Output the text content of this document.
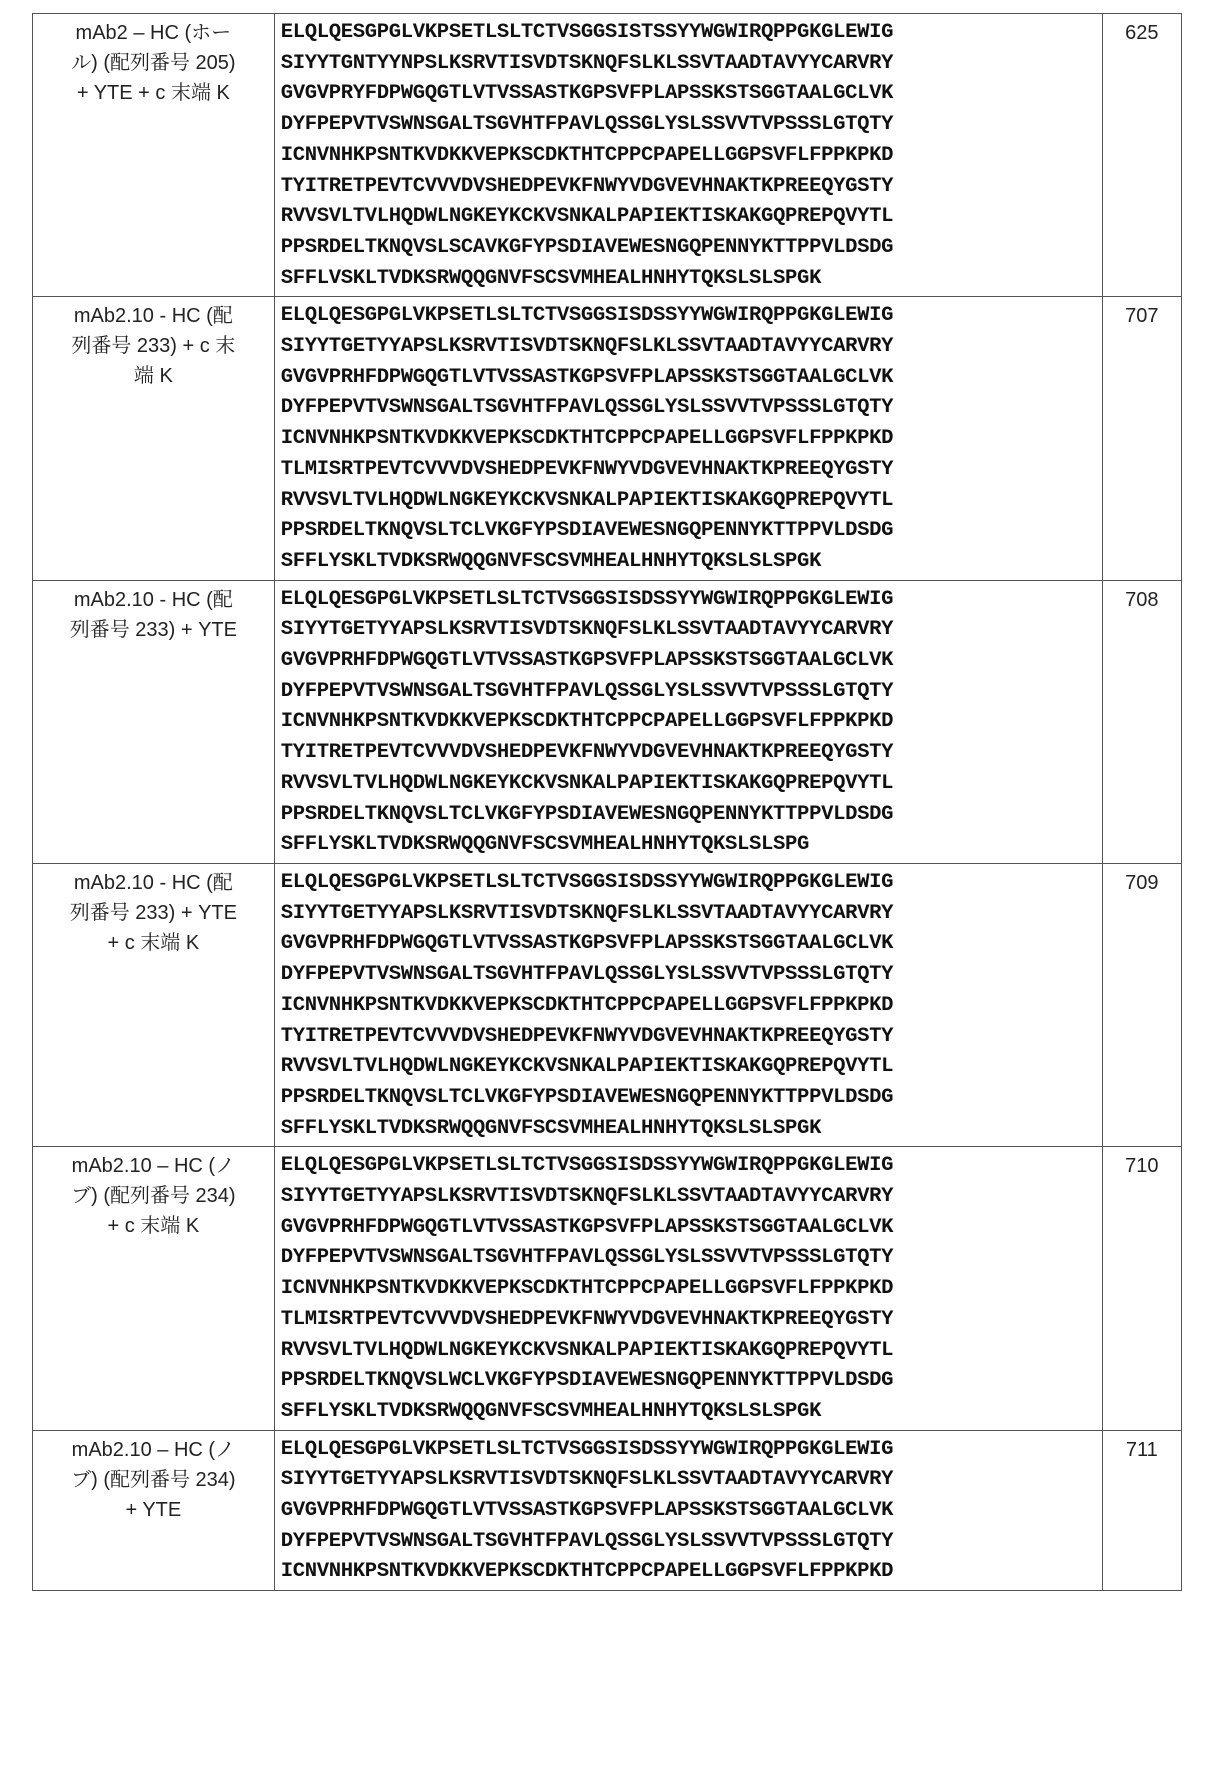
mAb2 – HC (ホー
ル) (配列番号 205)
+ YTE + c 末端 K

ELQLQESGPGLVKPSETLSLTCTVSGGSISTSSYYWGWIRQPPGKGLEWIG
SIYYTGNTYYNPSLKSRVTISVDTSKNQFSLKLSSVTAADTAVYYCARVRY
GVGVPRYFDPWGQGTLVTVSSASTKGPSVFPLAPSSKSTSGGTAALGCLVK
DYFPEPVTVSWNSGALTSGVHTFPAVLQSSGLYSLSSVVTVPSSSLGTQTY
ICNVNHKPSNTKVDKKVEPKSCDKTHTCPPCPAPELLGGPSVFLFPPKPKD
TYITRETPEVTCVVVDVSHEDPEVKFNWYVDGVEVHNAKTKPREEQYGSTY
RVVSVLTVLHQDWLNGKEYKCKVSNKALPAPIEKTISKAKGQPREPQVYTL
PPSRDELTKNQVSLSCAVKGFYPSDIAVEWESNGQPENNYKTTPPVLDSDG
SFFLVSKLTVDKSRWQQGNVFSCSVMHEALHNHYTQKSLSLSPGK
	625

mAb2.10 - HC (配
列番号 233) + c 末
端 K

ELQLQESGPGLVKPSETLSLTCTVSGGSISDSSYYWGWIRQPPGKGLEWIG
SIYYTGETYYAPSLKSRVTISVDTSKNQFSLKLSSVTAADTAVYYCARVRY
GVGVPRHFDPWGQGTLVTVSSASTKGPSVFPLAPSSKSTSGGTAALGCLVK
DYFPEPVTVSWNSGALTSGVHTFPAVLQSSGLYSLSSVVTVPSSSLGTQTY
ICNVNHKPSNTKVDKKVEPKSCDKTHTCPPCPAPELLGGPSVFLFPPKPKD
TLMISRTPEVTCVVVDVSHEDPEVKFNWYVDGVEVHNAKTKPREEQYGSTY
RVVSVLTVLHQDWLNGKEYKCKVSNKALPAPIEKTISKAKGQPREPQVYTL
PPSRDELTKNQVSLTCLVKGFYPSDIAVEWESNGQPENNYKTTPPVLDSDG
SFFLYSKLTVDKSRWQQGNVFSCSVMHEALHNHYTQKSLSLSPGK
	707

mAb2.10 - HC (配
列番号 233) + YTE

ELQLQESGPGLVKPSETLSLTCTVSGGSISDSSYYWGWIRQPPGKGLEWIG
SIYYTGETYYAPSLKSRVTISVDTSKNQFSLKLSSVTAADTAVYYCARVRY
GVGVPRHFDPWGQGTLVTVSSASTKGPSVFPLAPSSKSTSGGTAALGCLVK
DYFPEPVTVSWNSGALTSGVHTFPAVLQSSGLYSLSSVVTVPSSSLGTQTY
ICNVNHKPSNTKVDKKVEPKSCDKTHTCPPCPAPELLGGPSVFLFPPKPKD
TYITRETPEVTCVVVDVSHEDPEVKFNWYVDGVEVHNAKTKPREEQYGSTY
RVVSVLTVLHQDWLNGKEYKCKVSNKALPAPIEKTISKAKGQPREPQVYTL
PPSRDELTKNQVSLTCLVKGFYPSDIAVEWESNGQPENNYKTTPPVLDSDG
SFFLYSKLTVDKSRWQQGNVFSCSVMHEALHNHYTQKSLSLSPG
	708

mAb2.10 - HC (配
列番号 233) + YTE
+ c 末端 K

ELQLQESGPGLVKPSETLSLTCTVSGGSISDSSYYWGWIRQPPGKGLEWIG
SIYYTGETYYAPSLKSRVTISVDTSKNQFSLKLSSVTAADTAVYYCARVRY
GVGVPRHFDPWGQGTLVTVSSASTKGPSVFPLAPSSKSTSGGTAALGCLVK
DYFPEPVTVSWNSGALTSGVHTFPAVLQSSGLYSLSSVVTVPSSSLGTQTY
ICNVNHKPSNTKVDKKVEPKSCDKTHTCPPCPAPELLGGPSVFLFPPKPKD
TYITRETPEVTCVVVDVSHEDPEVKFNWYVDGVEVHNAKTKPREEQYGSTY
RVVSVLTVLHQDWLNGKEYKCKVSNKALPAPIEKTISKAKGQPREPQVYTL
PPSRDELTKNQVSLTCLVKGFYPSDIAVEWESNGQPENNYKTTPPVLDSDG
SFFLYSKLTVDKSRWQQGNVFSCSVMHEALHNHYTQKSLSLSPGK
	709

mAb2.10 – HC (ノ
ブ) (配列番号 234)
+ c 末端 K

ELQLQESGPGLVKPSETLSLTCTVSGGSISDSSYYWGWIRQPPGKGLEWIG
SIYYTGETYYAPSLKSRVTISVDTSKNQFSLKLSSVTAADTAVYYCARVRY
GVGVPRHFDPWGQGTLVTVSSASTKGPSVFPLAPSSKSTSGGTAALGCLVK
DYFPEPVTVSWNSGALTSGVHTFPAVLQSSGLYSLSSVVTVPSSSLGTQTY
ICNVNHKPSNTKVDKKVEPKSCDKTHTCPPCPAPELLGGPSVFLFPPKPKD
TLMISRTPEVTCVVVDVSHEDPEVKFNWYVDGVEVHNAKTKPREEQYGSTY
RVVSVLTVLHQDWLNGKEYKCKVSNKALPAPIEKTISKAKGQPREPQVYTL
PPSRDELTKNQVSLWCLVKGFYPSDIAVEWESNGQPENNYKTTPPVLDSDG
SFFLYSKLTVDKSRWQQGNVFSCSVMHEALHNHYTQKSLSLSPGK
	710

mAb2.10 – HC (ノ
ブ) (配列番号 234)
+ YTE

ELQLQESGPGLVKPSETLSLTCTVSGGSISDSSYYWGWIRQPPGKGLEWIG
SIYYTGETYYAPSLKSRVTISVDTSKNQFSLKLSSVTAADTAVYYCARVRY
GVGVPRHFDPWGQGTLVTVSSASTKGPSVFPLAPSSKSTSGGTAALGCLVK
DYFPEPVTVSWNSGALTSGVHTFPAVLQSSGLYSLSSVVTVPSSSLGTQTY
ICNVNHKPSNTKVDKKVEPKSCDKTHTCPPCPAPELLGGPSVFLFPPKPKD
	711
